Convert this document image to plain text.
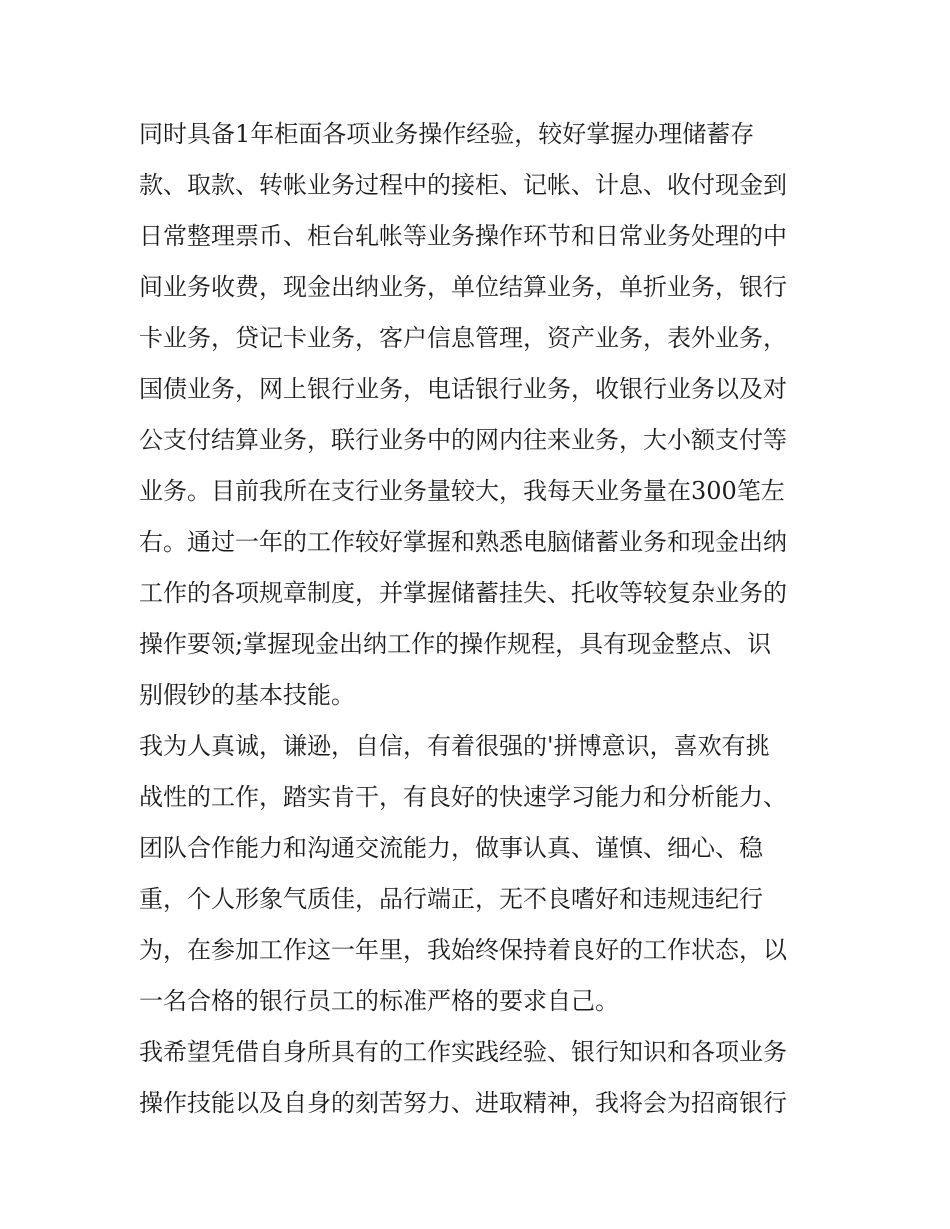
同时具备1年柜面各项业务操作经验，较好掌握办理储蓄存
款、取款、转帐业务过程中的接柜、记帐、计息、收付现金到
日常整理票币、柜台轧帐等业务操作环节和日常业务处理的中
间业务收费，现金出纳业务，单位结算业务，单折业务，银行
卡业务，贷记卡业务，客户信息管理，资产业务，表外业务，
国债业务，网上银行业务，电话银行业务，收银行业务以及对
公支付结算业务，联行业务中的网内往来业务，大小额支付等
业务。目前我所在支行业务量较大，我每天业务量在300笔左
右。通过一年的工作较好掌握和熟悉电脑储蓄业务和现金出纳
工作的各项规章制度，并掌握储蓄挂失、托收等较复杂业务的
操作要领;掌握现金出纳工作的操作规程，具有现金整点、识
别假钞的基本技能。
我为人真诚，谦逊，自信，有着很强的'拼博意识，喜欢有挑
战性的工作，踏实肯干，有良好的快速学习能力和分析能力、
团队合作能力和沟通交流能力，做事认真、谨慎、细心、稳
重，个人形象气质佳，品行端正，无不良嗜好和违规违纪行
为，在参加工作这一年里，我始终保持着良好的工作状态，以
一名合格的银行员工的标准严格的要求自己。
我希望凭借自身所具有的工作实践经验、银行知识和各项业务
操作技能以及自身的刻苦努力、进取精神，我将会为招商银行
